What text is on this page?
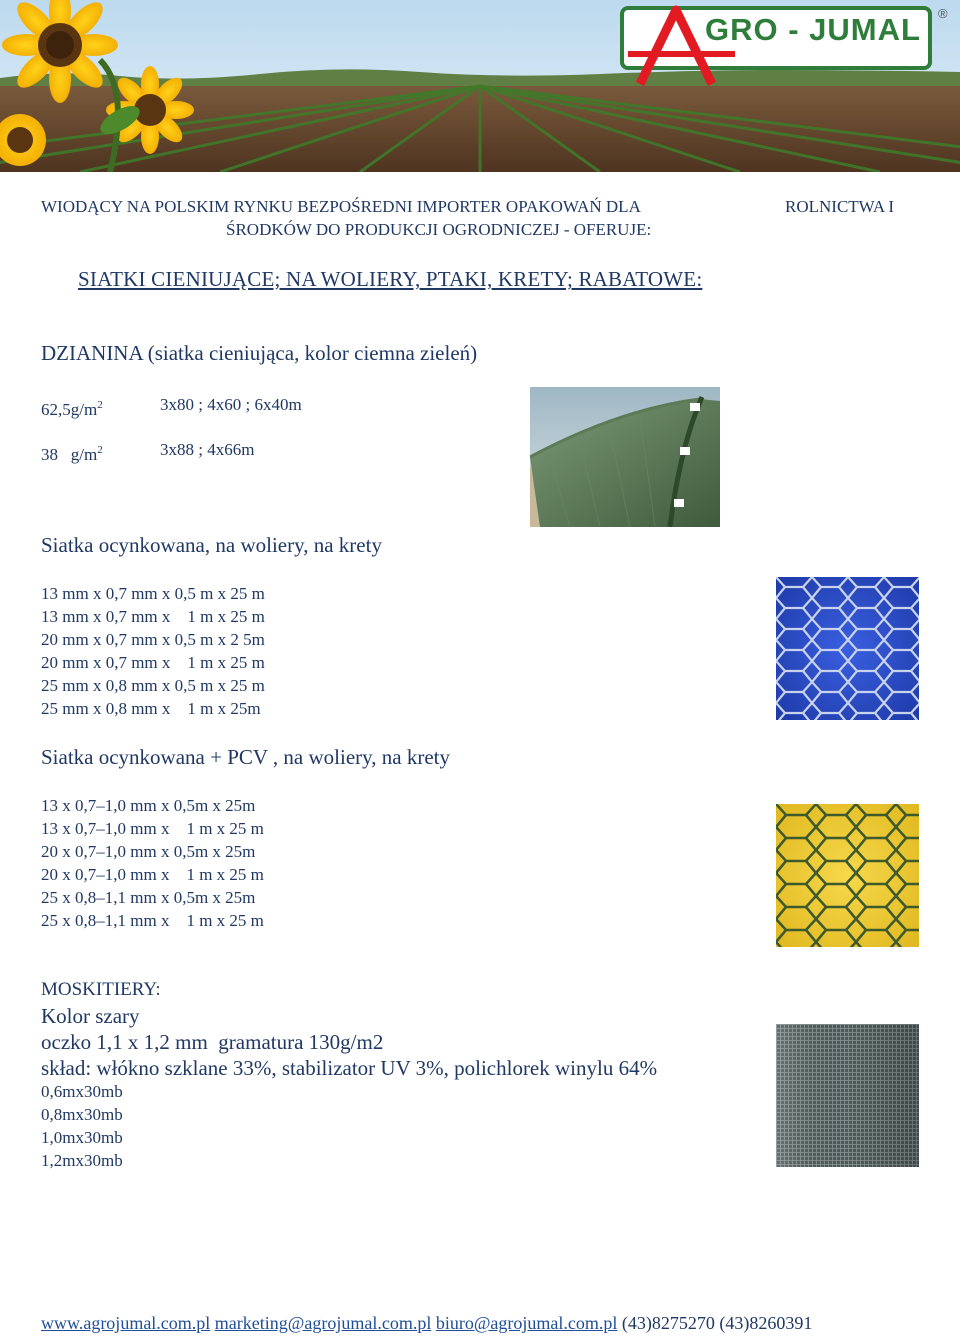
GRO - JUMAL ®
WIODĄCY NA POLSKIM RYNKU BEZPOŚREDNI IMPORTER OPAKOWAŃ DLA	ROLNICTWA I
ŚRODKÓW DO PRODUKCJI OGRODNICZEJ - OFERUJE:
SIATKI CIENIUJĄCE; NA WOLIERY, PTAKI, KRETY; RABATOWE:
DZIANINA (siatka cieniująca, kolor ciemna zieleń)
$62,5g/m^2$	3x80 ; 4x60 ; 6x40m
38   $g/m^2$	3x88 ; 4x66m
Siatka ocynkowana, na woliery, na krety
13 mm x 0,7 mm x 0,5 m x 25 m
13 mm x 0,7 mm x    1 m x 25 m
20 mm x 0,7 mm x 0,5 m x 2 5m
20 mm x 0,7 mm x    1 m x 25 m
25 mm x 0,8 mm x 0,5 m x 25 m
25 mm x 0,8 mm x    1 m x 25m
Siatka ocynkowana + PCV , na woliery, na krety
13 x 0,7–1,0 mm x 0,5m x 25m
13 x 0,7–1,0 mm x    1 m x 25 m
20 x 0,7–1,0 mm x 0,5m x 25m
20 x 0,7–1,0 mm x    1 m x 25 m
25 x 0,8–1,1 mm x 0,5m x 25m
25 x 0,8–1,1 mm x    1 m x 25 m
MOSKITIERY:
Kolor szary
oczko 1,1 x 1,2 mm  gramatura 130g/m2
skład: włókno szklane 33%, stabilizator UV 3%, polichlorek winylu 64%
0,6mx30mb
0,8mx30mb
1,0mx30mb
1,2mx30mb
www.agrojumal.com.pl marketing@agrojumal.com.pl biuro@agrojumal.com.pl (43)8275270 (43)8260391
